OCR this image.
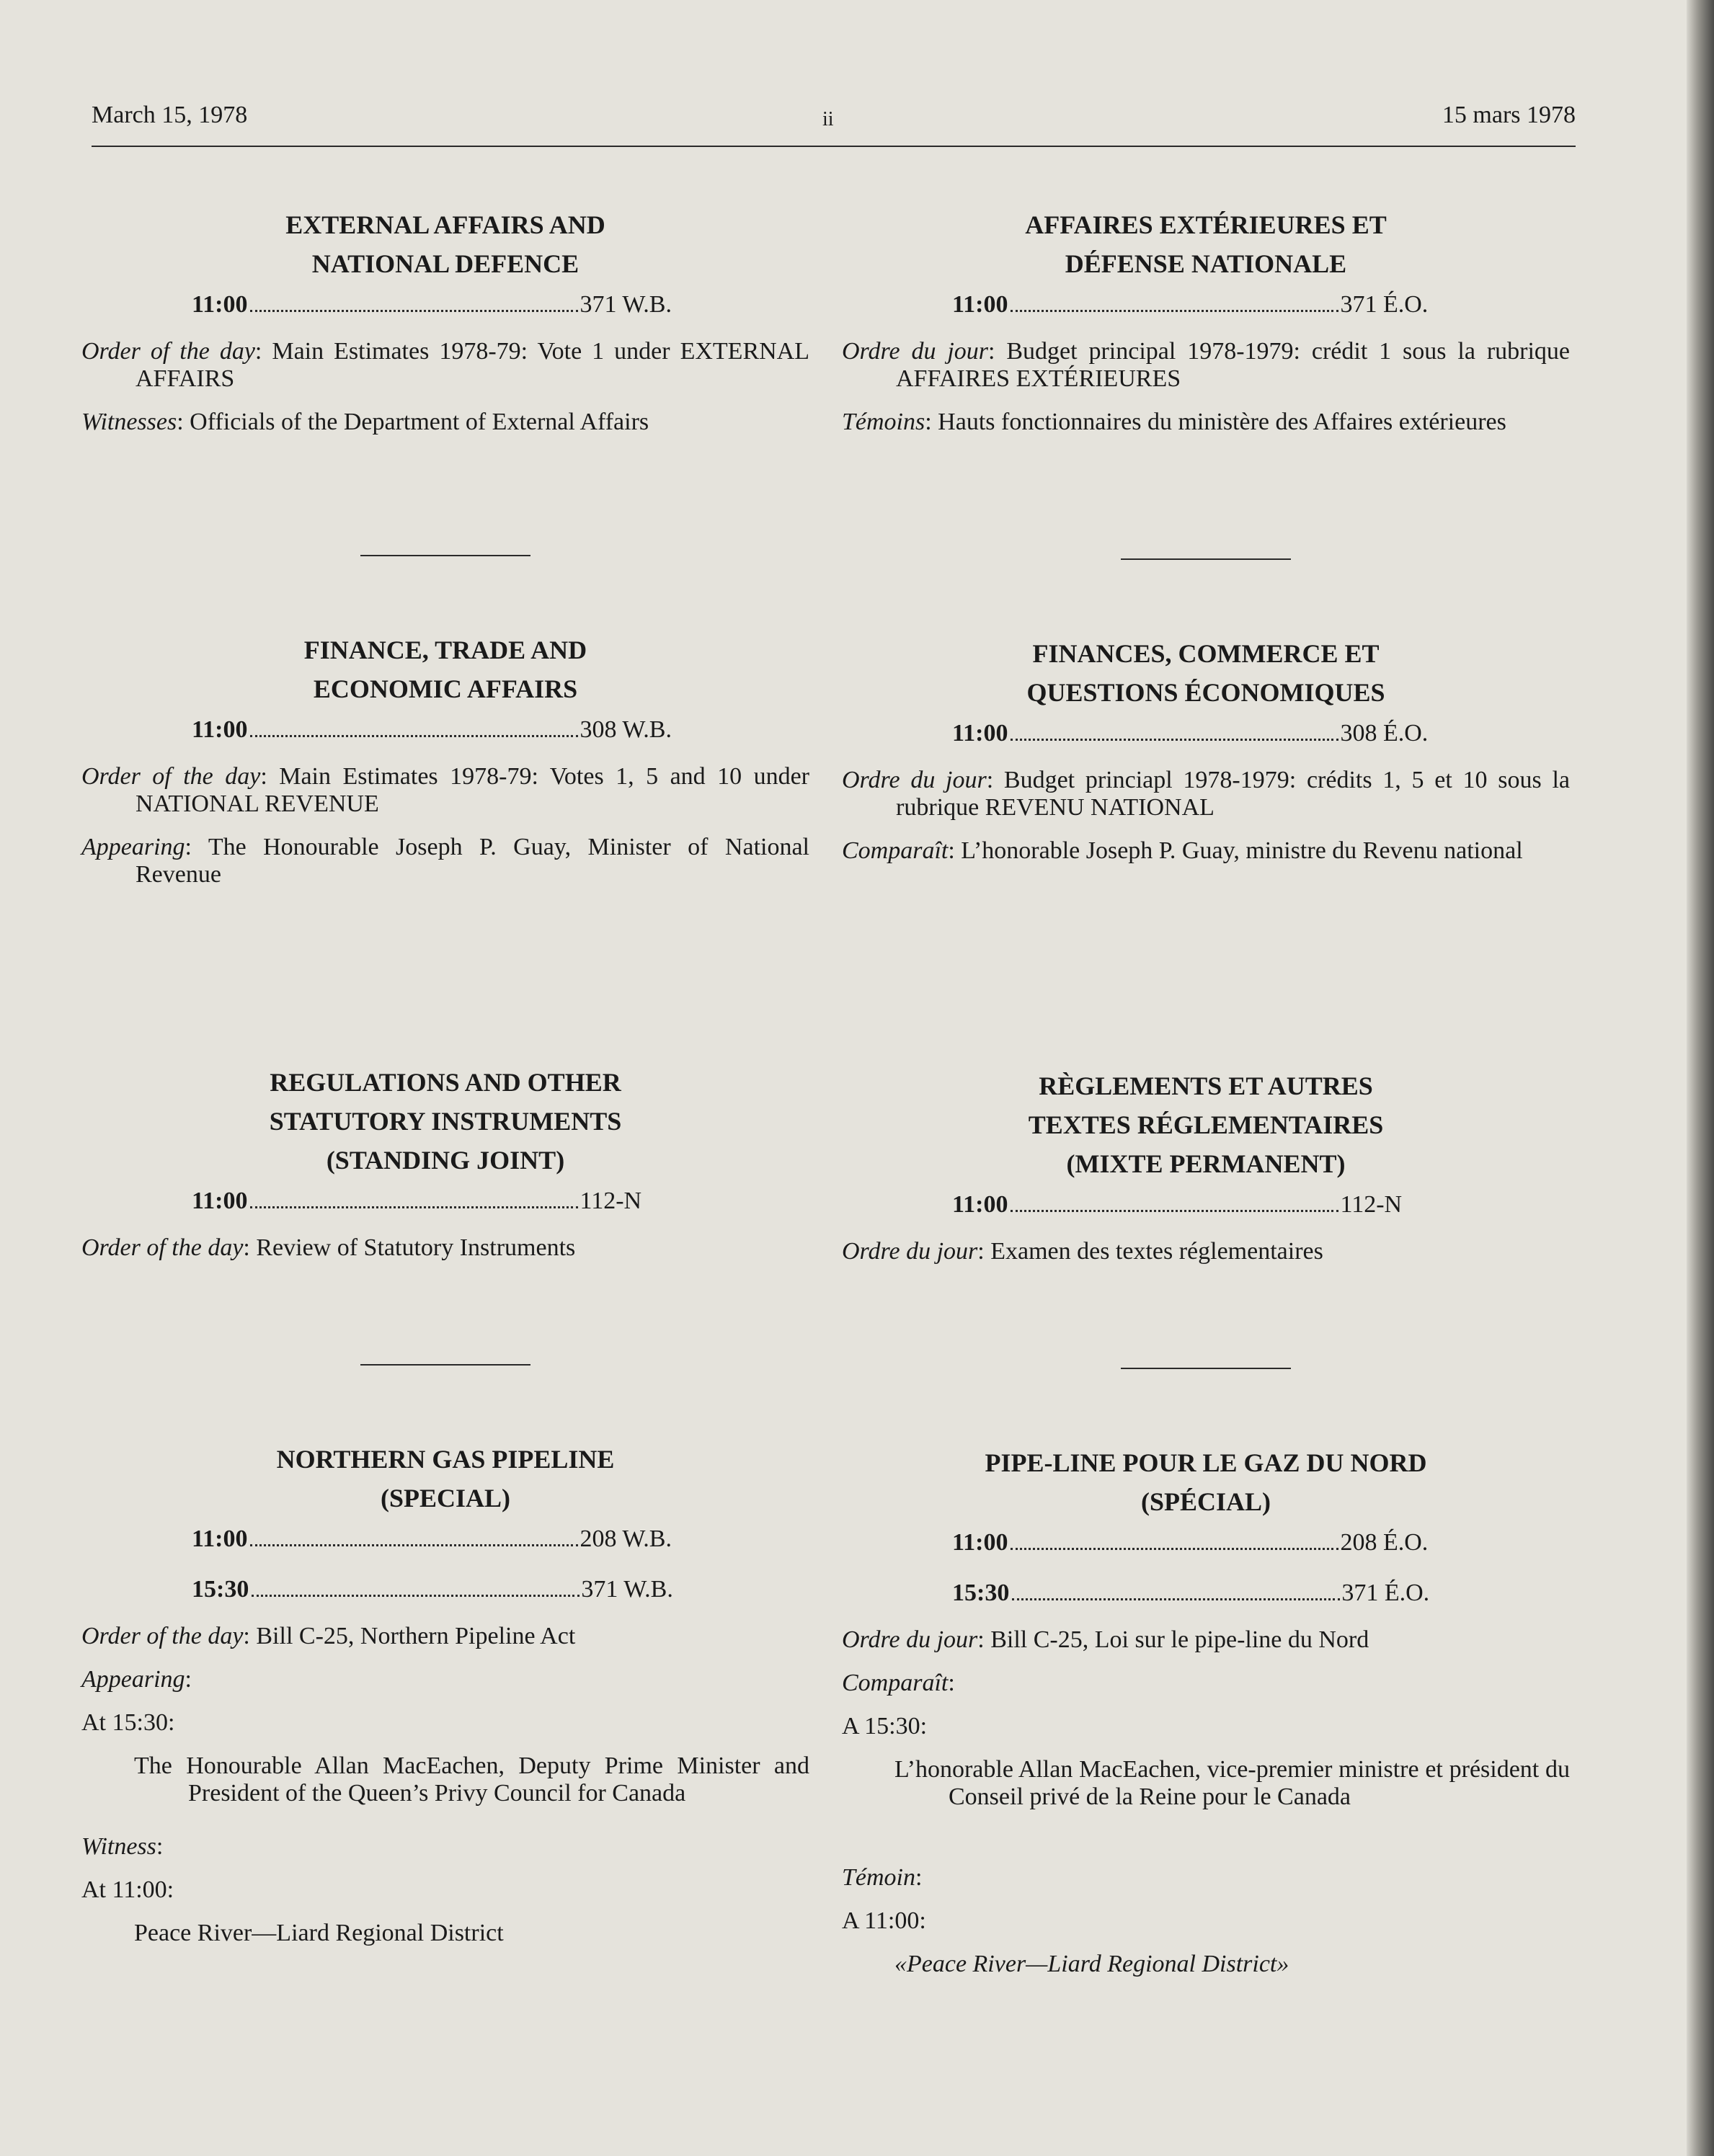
March 15, 1978	ii	15 mars 1978
EXTERNAL AFFAIRS AND
NATIONAL DEFENCE
11:00	371 W.B.
Order of the day: Main Estimates 1978-79: Vote 1 under EXTERNAL AFFAIRS
Witnesses: Officials of the Department of External Affairs
FINANCE, TRADE AND
ECONOMIC AFFAIRS
11:00	308 W.B.
Order of the day: Main Estimates 1978-79: Votes 1, 5 and 10 under NATIONAL REVENUE
Appearing: The Honourable Joseph P. Guay, Minister of National Revenue
REGULATIONS AND OTHER
STATUTORY INSTRUMENTS
(STANDING JOINT)
11:00	112-N
Order of the day: Review of Statutory Instruments
NORTHERN GAS PIPELINE
(SPECIAL)
11:00	208 W.B.
15:30	371 W.B.
Order of the day: Bill C-25, Northern Pipeline Act
Appearing:
At 15:30:
The Honourable Allan MacEachen, Deputy Prime Minister and President of the Queen’s Privy Council for Canada
Witness:
At 11:00:
Peace River—Liard Regional District
AFFAIRES EXTÉRIEURES ET
DÉFENSE NATIONALE
11:00	371 É.O.
Ordre du jour: Budget principal 1978-1979: crédit 1 sous la rubrique AFFAIRES EXTÉRIEURES
Témoins: Hauts fonctionnaires du ministère des Affaires extérieures
FINANCES, COMMERCE ET
QUESTIONS ÉCONOMIQUES
11:00	308 É.O.
Ordre du jour: Budget princiapl 1978-1979: crédits 1, 5 et 10 sous la rubrique REVENU NATIONAL
Comparaît: L’honorable Joseph P. Guay, ministre du Revenu national
RÈGLEMENTS ET AUTRES
TEXTES RÉGLEMENTAIRES
(MIXTE PERMANENT)
11:00	112-N
Ordre du jour: Examen des textes réglementaires
PIPE-LINE POUR LE GAZ DU NORD
(SPÉCIAL)
11:00	208 É.O.
15:30	371 É.O.
Ordre du jour: Bill C-25, Loi sur le pipe-line du Nord
Comparaît:
A 15:30:
L’honorable Allan MacEachen, vice-premier ministre et président du Conseil privé de la Reine pour le Canada
Témoin:
A 11:00:
«Peace River—Liard Regional District»
